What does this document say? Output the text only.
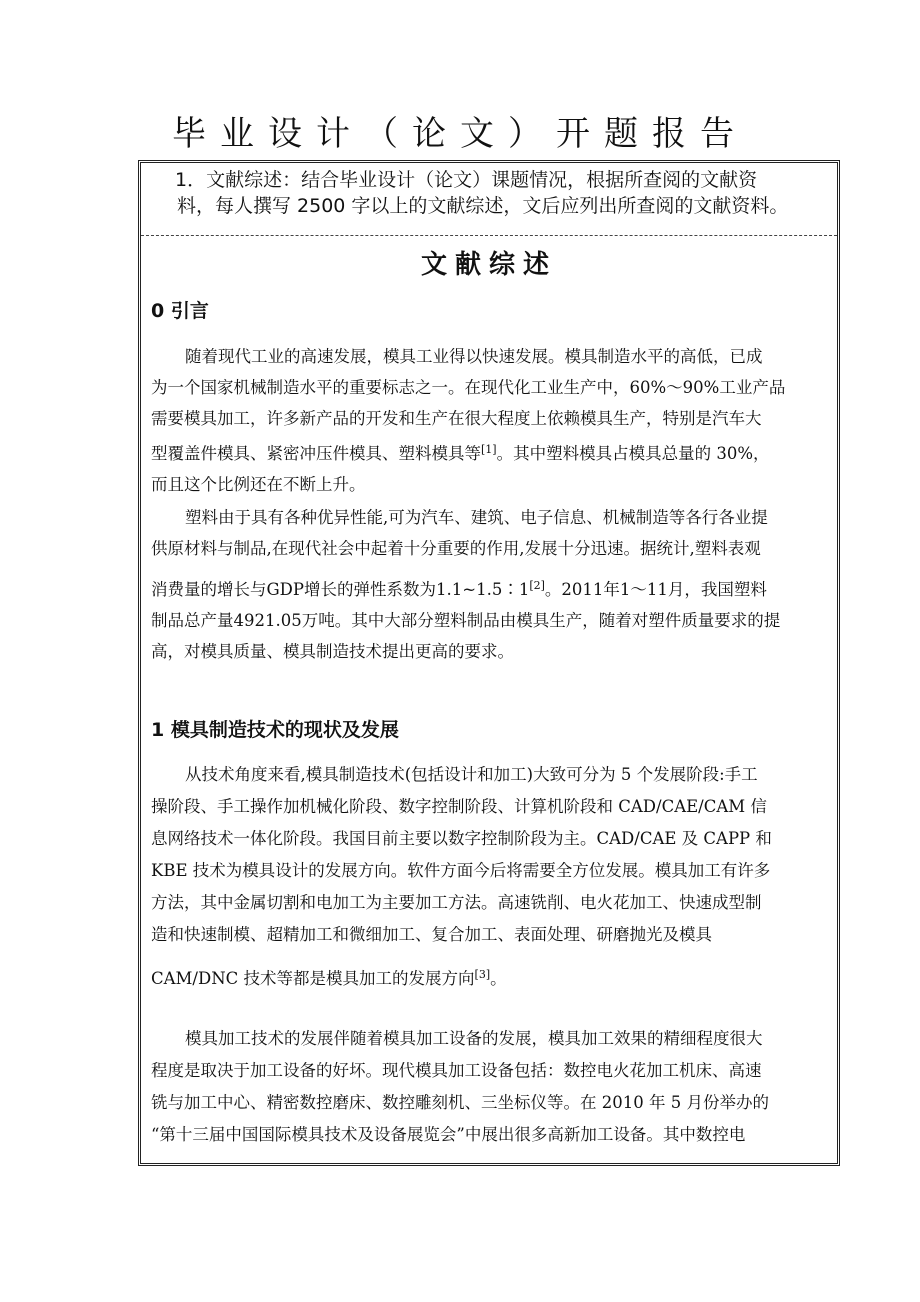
毕业设计（论文）开题报告

1．文献综述：结合毕业设计（论文）课题情况，根据所查阅的文献资
料，每人撰写 2500 字以上的文献综述，文后应列出所查阅的文献资料。

文献综述
0 引言
随着现代工业的高速发展，模具工业得以快速发展。模具制造水平的高低，已成
为一个国家机械制造水平的重要标志之一。在现代化工业生产中，60%～90%工业产品
需要模具加工，许多新产品的开发和生产在很大程度上依赖模具生产，特别是汽车大
型覆盖件模具、紧密冲压件模具、塑料模具等[1]。其中塑料模具占模具总量的 30%，
而且这个比例还在不断上升。
塑料由于具有各种优异性能,可为汽车、建筑、电子信息、机械制造等各行各业提
供原材料与制品,在现代社会中起着十分重要的作用,发展十分迅速。据统计,塑料表观
消费量的增长与GDP增长的弹性系数为1.1~1.5∶1[2]。2011年1～11月，我国塑料
制品总产量4921.05万吨。其中大部分塑料制品由模具生产，随着对塑件质量要求的提
高，对模具质量、模具制造技术提出更高的要求。
1 模具制造技术的现状及发展
从技术角度来看,模具制造技术(包括设计和加工)大致可分为 5 个发展阶段:手工
操阶段、手工操作加机械化阶段、数字控制阶段、计算机阶段和 CAD/CAE/CAM 信
息网络技术一体化阶段。我国目前主要以数字控制阶段为主。CAD/CAE 及 CAPP 和
KBE 技术为模具设计的发展方向。软件方面今后将需要全方位发展。模具加工有许多
方法，其中金属切割和电加工为主要加工方法。高速铣削、电火花加工、快速成型制
造和快速制模、超精加工和微细加工、复合加工、表面处理、研磨抛光及模具
CAM/DNC 技术等都是模具加工的发展方向[3]。
模具加工技术的发展伴随着模具加工设备的发展，模具加工效果的精细程度很大
程度是取决于加工设备的好坏。现代模具加工设备包括：数控电火花加工机床、高速
铣与加工中心、精密数控磨床、数控雕刻机、三坐标仪等。在 2010 年 5 月份举办的
“第十三届中国国际模具技术及设备展览会”中展出很多高新加工设备。其中数控电
